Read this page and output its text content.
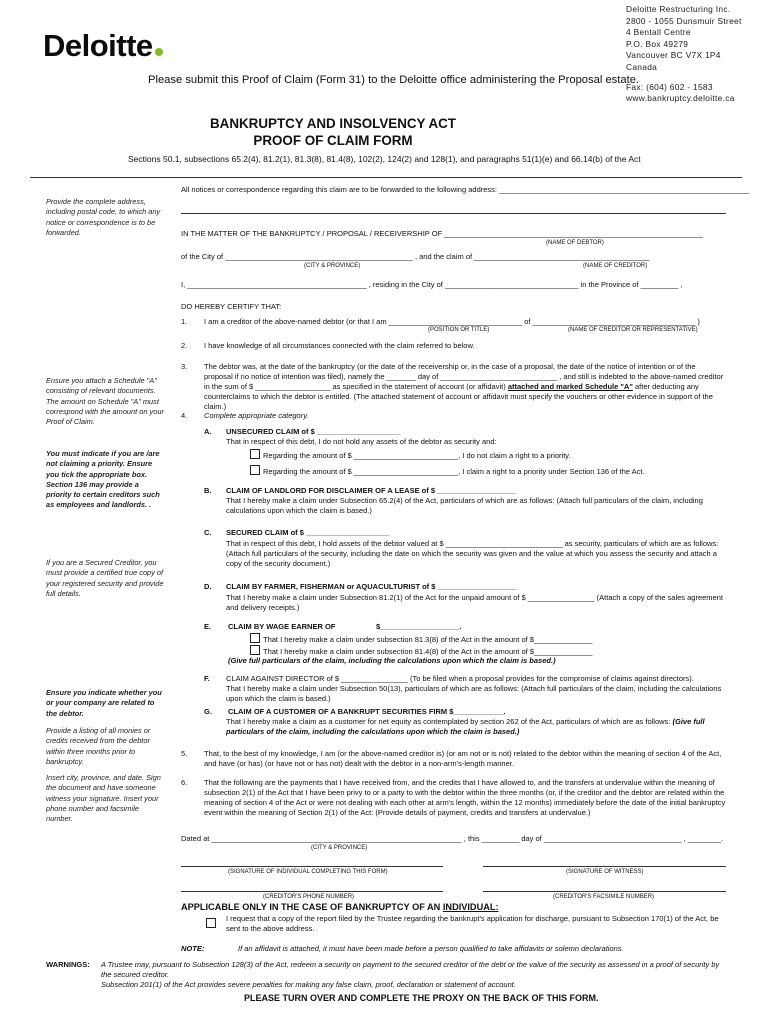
Deloitte
Deloitte Restructuring Inc.
2800 - 1055 Dunsmuir Street
4 Bentall Centre
P.O. Box 49279
Vancouver BC V7X 1P4
Canada
Fax: (604) 602 - 1583
www.bankruptcy.deloitte.ca
Please submit this Proof of Claim (Form 31) to the Deloitte office administering the Proposal estate.
BANKRUPTCY AND INSOLVENCY ACT
PROOF OF CLAIM FORM
Sections 50.1, subsections 65.2(4), 81.2(1), 81.3(8), 81.4(8), 102(2), 124(2) and 128(1), and paragraphs 51(1)(e) and 66.14(b) of the Act
Provide the complete address, including postal code, to which any notice or correspondence is to be forwarded.
Ensure you attach a Schedule "A" consisting of relevant documents. The amount on Schedule "A" must correspond with the amount on your Proof of Claim.
You must indicate if you are /are not claiming a priority. Ensure you tick the appropriate box. Section 136 may provide a priority to certain creditors such as employees and landlords. .
If you are a Secured Creditor, you must provide a certified true copy of your registered security and provide full details.
Ensure you indicate whether you or your company are related to the debtor.
Provide a listing of all monies or credits received from the debtor within three months prior to bankruptcy.
Insert city, province, and date. Sign the document and have someone witness your signature. Insert your phone number and facsimile number.
All notices or correspondence regarding this claim are to be forwarded to the following address: ____________________________________________________________
IN THE MATTER OF THE BANKRUPTCY / PROPOSAL / RECEIVERSHIP OF ______________________________________________________________
(NAME OF DEBTOR)
of the City of _____________________________________________ , and the claim of __________________________________________
(CITY & PROVINCE)	(NAME OF CREDITOR)
I, ___________________________________________ , residing in the City of ________________________________ in the Province of _________ ,
DO HEREBY CERTIFY THAT:
1. I am a creditor of the above-named debtor (or that I am ________________________________ of _______________________________________ )
(POSITION OR TITLE)	(NAME OF CREDITOR OR REPRESENTATIVE)
2. I have knowledge of all circumstances connected with the claim referred to below.
3. The debtor was, at the date of the bankruptcy (or the date of the receivership or, in the case of a proposal, the date of the notice of intention or of the proposal if no notice of intention was filed), namely the _______ day of ____________________________ , and still is indebted to the above-named creditor in the sum of $ __________________ as specified in the statement of account (or affidavit) attached and marked Schedule "A" after deducting any counterclaims to which the debtor is entitled. (The attached statement of account or affidavit must specify the vouchers or other evidence in support of the claim.)
4. Complete appropriate category.
A. UNSECURED CLAIM of $ ____________________
That in respect of this debt, I do not hold any assets of the debtor as security and:
Regarding the amount of $ _________________________, I do not claim a right to a priority.
Regarding the amount of $ _________________________, I claim a right to a priority under Section 136 of the Act.
B. CLAIM OF LANDLORD FOR DISCLAIMER OF A LEASE of $ ___________________
That I hereby make a claim under Subsection 65.2(4) of the Act, particulars of which are as follows: (Attach full particulars of the claim, including calculations upon which the claim is based.)
C. SECURED CLAIM of $ ____________________
That in respect of this debt, I hold assets of the debtor valued at $ ____________________________ as security, particulars of which are as follows: (Attach full particulars of the security, including the date on which the security was given and the value at which you assess the security and attach a copy of the security document.)
D. CLAIM BY FARMER, FISHERMAN or AQUACULTURIST of $ ___________________
That I hereby make a claim under Subsection 81.2(1) of the Act for the unpaid amount of $ ________________ (Attach a copy of the sales agreement and delivery receipts.)
E. CLAIM BY WAGE EARNER OF	$___________________.
That I hereby make a claim under subsection 81.3(8) of the Act in the amount of $______________
That I hereby make a claim under subsection 81.4(8) of the Act in the amount of $______________
(Give full particulars of the claim, including the calculations upon which the claim is based.)
F. CLAIM AGAINST DIRECTOR of $ ________________ (To be filed when a proposal provides for the compromise of claims against directors).
That I hereby make a claim under Subsection 50(13), particulars of which are as follows: (Attach full particulars of the claim, including the calculations upon which the claim is based.)
G. CLAIM OF A CUSTOMER OF A BANKRUPT SECURITIES FIRM $____________.
That I hereby make a claim as a customer for net equity as contemplated by section 262 of the Act, particulars of which are as follows: (Give full particulars of the claim, including the calculations upon which the claim is based.)
5. That, to the best of my knowledge, I am (or the above-named creditor is) (or am not or is not) related to the debtor within the meaning of section 4 of the Act, and have (or has) (or have not or has not) dealt with the debtor in a non-arm's-length manner.
6. That the following are the payments that I have received from, and the credits that I have allowed to, and the transfers at undervalue within the meaning of subsection 2(1) of the Act that I have been privy to or a party to with the debtor within the three months (or, if the creditor and the debtor are related within the meaning of section 4 of the Act or were not dealing with each other at arm's length, within the 12 months) immediately before the date of the initial bankruptcy event within the meaning of Section 2(1) of the Act: (Provide details of payment, credits and transfers at undervalue.)
Dated at ____________________________________________________________ , this _________ day of _________________________________ , ________.
(CITY & PROVINCE)
(SIGNATURE OF INDIVIDUAL COMPLETING THIS FORM)	(SIGNATURE OF WITNESS)
(CREDITOR'S PHONE NUMBER)	(CREDITOR'S FACSIMILE NUMBER)
APPLICABLE ONLY IN THE CASE OF BANKRUPTCY OF AN INDIVIDUAL:
I request that a copy of the report filed by the Trustee regarding the bankrupt's application for discharge, pursuant to Subsection 170(1) of the Act, be sent to the above address.
NOTE:	If an affidavit is attached, it must have been made before a person qualified to take affidavits or solemn declarations.
WARNINGS: A Trustee may, pursuant to Subsection 128(3) of the Act, redeem a security on payment to the secured creditor of the debt or the value of the security as assessed in a proof of security by the secured creditor.
Subsection 201(1) of the Act provides severe penalties for making any false claim, proof, declaration or statement of account.
PLEASE TURN OVER AND COMPLETE THE PROXY ON THE BACK OF THIS FORM.
